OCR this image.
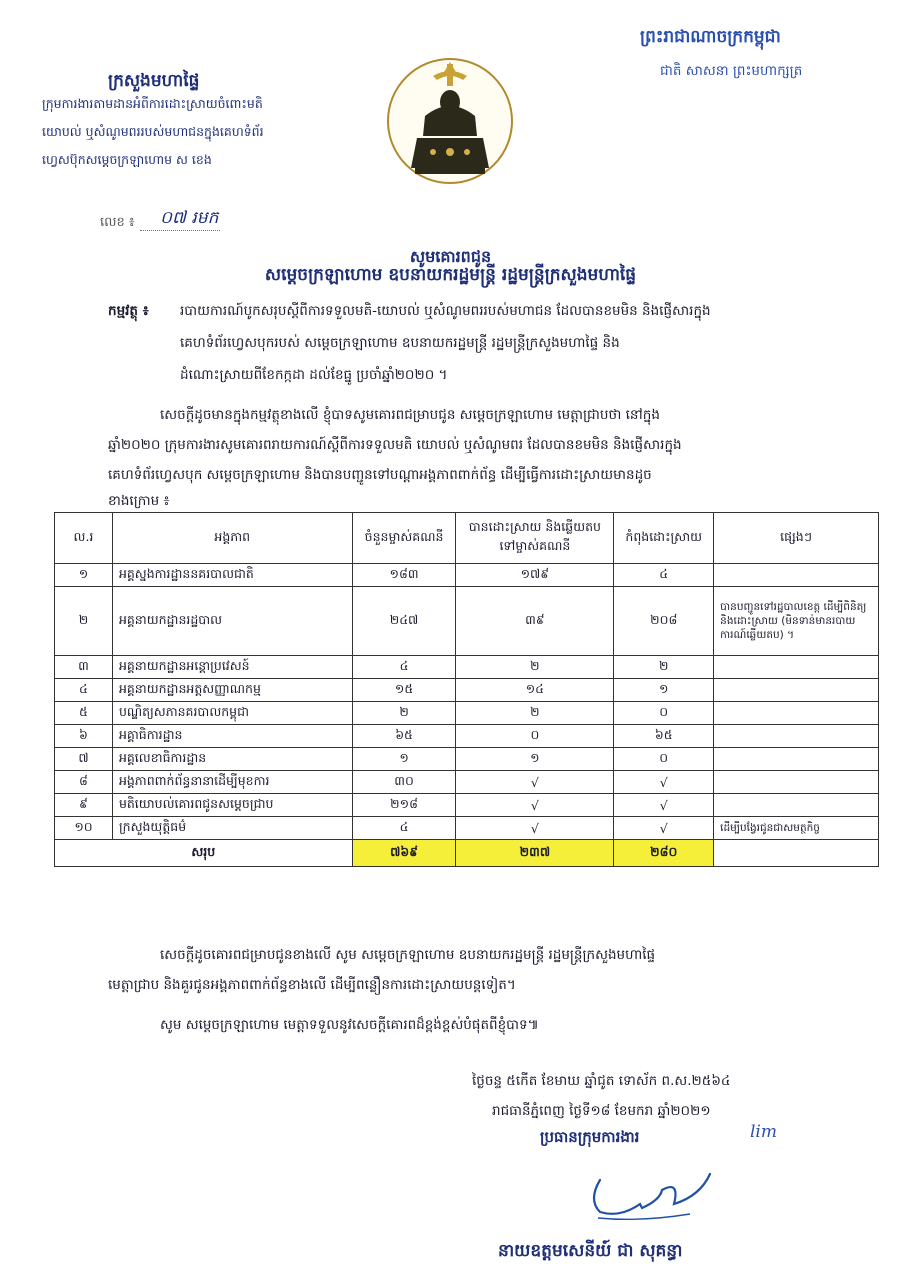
ក្រសួងមហាផ្ទៃ
ក្រុមការងារតាមដានអំពីការដោះស្រាយចំពោះមតិ
យោបល់ ឬសំណូមពររបស់មហាជនក្នុងគេហទំព័រ
ហ្វេសប៊ុកសម្តេចក្រឡាហោម ស ខេង
ព្រះរាជាណាចក្រកម្ពុជា
ជាតិ សាសនា ព្រះមហាក្សត្រ
លេខ ៖ ០៧ រមក
សូមគោរពជូន
សម្តេចក្រឡាហោម ឧបនាយករដ្ឋមន្ត្រី រដ្ឋមន្ត្រីក្រសួងមហាផ្ទៃ
កម្មវត្ថុ ៖ របាយការណ៍បូកសរុបស្តីពីការទទួលមតិ-យោបល់ ឬសំណូមពររបស់មហាជន ដែលបានខមមិន និងផ្ញើសារក្នុង
គេហទំព័រហ្វេសបុករបស់ សម្តេចក្រឡាហោម ឧបនាយករដ្ឋមន្ត្រី រដ្ឋមន្ត្រីក្រសួងមហាផ្ទៃ និង
ដំណោះស្រាយពីខែកក្កដា ដល់ខែធ្នូ ប្រចាំឆ្នាំ២០២០ ។
សេចក្តីដូចមានក្នុងកម្មវត្ថុខាងលើ ខ្ញុំបាទសូមគោរពជម្រាបជូន សម្តេចក្រឡាហោម មេត្តាជ្រាបថា នៅក្នុង
ឆ្នាំ២០២០ ក្រុមការងារសូមគោរពរាយការណ៍ស្តីពីការទទួលមតិ យោបល់ ឬសំណូមពរ ដែលបានខមមិន និងផ្ញើសារក្នុង
គេហទំព័រហ្វេសបុក សម្តេចក្រឡាហោម និងបានបញ្ជូនទៅបណ្តាអង្គភាពពាក់ព័ន្ធ ដើម្បីធ្វើការដោះស្រាយមានដូច
ខាងក្រោម ៖
ល.រ	អង្គភាព	ចំនួនម្ចាស់គណនី	បានដោះស្រាយ និងឆ្លើយតបទៅម្ចាស់គណនី	កំពុងដោះស្រាយ	ផ្សេងៗ
១	អគ្គស្នងការដ្ឋាននគរបាលជាតិ	១៨៣	១៧៩	៤	
២	អគ្គនាយកដ្ឋានរដ្ឋបាល	២៤៧	៣៩	២០៨	បានបញ្ជូនទៅរដ្ឋបាលខេត្ត ដើម្បីពិនិត្យ និងដោះស្រាយ (មិនទាន់មានរបាយការណ៍ឆ្លើយតប) ។
៣	អគ្គនាយកដ្ឋានអន្តោប្រវេសន៍	៤	២	២	
៤	អគ្គនាយកដ្ឋានអត្តសញ្ញាណកម្ម	១៥	១៤	១	
៥	បណ្ឌិត្យសភានគរបាលកម្ពុជា	២	២	០	
៦	អគ្គាធិការដ្ឋាន	៦៥	០	៦៥	
៧	អគ្គលេខាធិការដ្ឋាន	១	១	០	
៨	អង្គភាពពាក់ព័ន្ធនានាដើម្បីមុខការ	៣០	√	√	
៩	មតិយោបល់គោរពជូនសម្តេចជ្រាប	២១៨	√	√	
១០	ក្រសួងយុត្តិធម៌	៤	√	√	ដើម្បីបង្វែរជូនជាសមត្ថកិច្ច
សរុប		៧៦៩	២៣៧	២៨០	
សេចក្តីដូចគោរពជម្រាបជូនខាងលើ សូម សម្តេចក្រឡាហោម ឧបនាយករដ្ឋមន្ត្រី រដ្ឋមន្ត្រីក្រសួងមហាផ្ទៃ
មេត្តាជ្រាប និងគួរជូនអង្គភាពពាក់ព័ន្ធខាងលើ ដើម្បីពន្លឿនការដោះស្រាយបន្តទៀត។
សូម សម្តេចក្រឡាហោម មេត្តាទទួលនូវសេចក្តីគោរពដ៏ខ្ពង់ខ្ពស់បំផុតពីខ្ញុំបាទ៕
ថ្ងៃចន្ទ ៥កើត ខែមាឃ ឆ្នាំជូត ទោស័ក ព.ស.២៥៦៤
រាជធានីភ្នំពេញ ថ្ងៃទី១៨ ខែមករា ឆ្នាំ២០២១
ប្រធានក្រុមការងារ	lim
នាយឧត្តមសេនីយ៍ ជា សុគន្ធា
